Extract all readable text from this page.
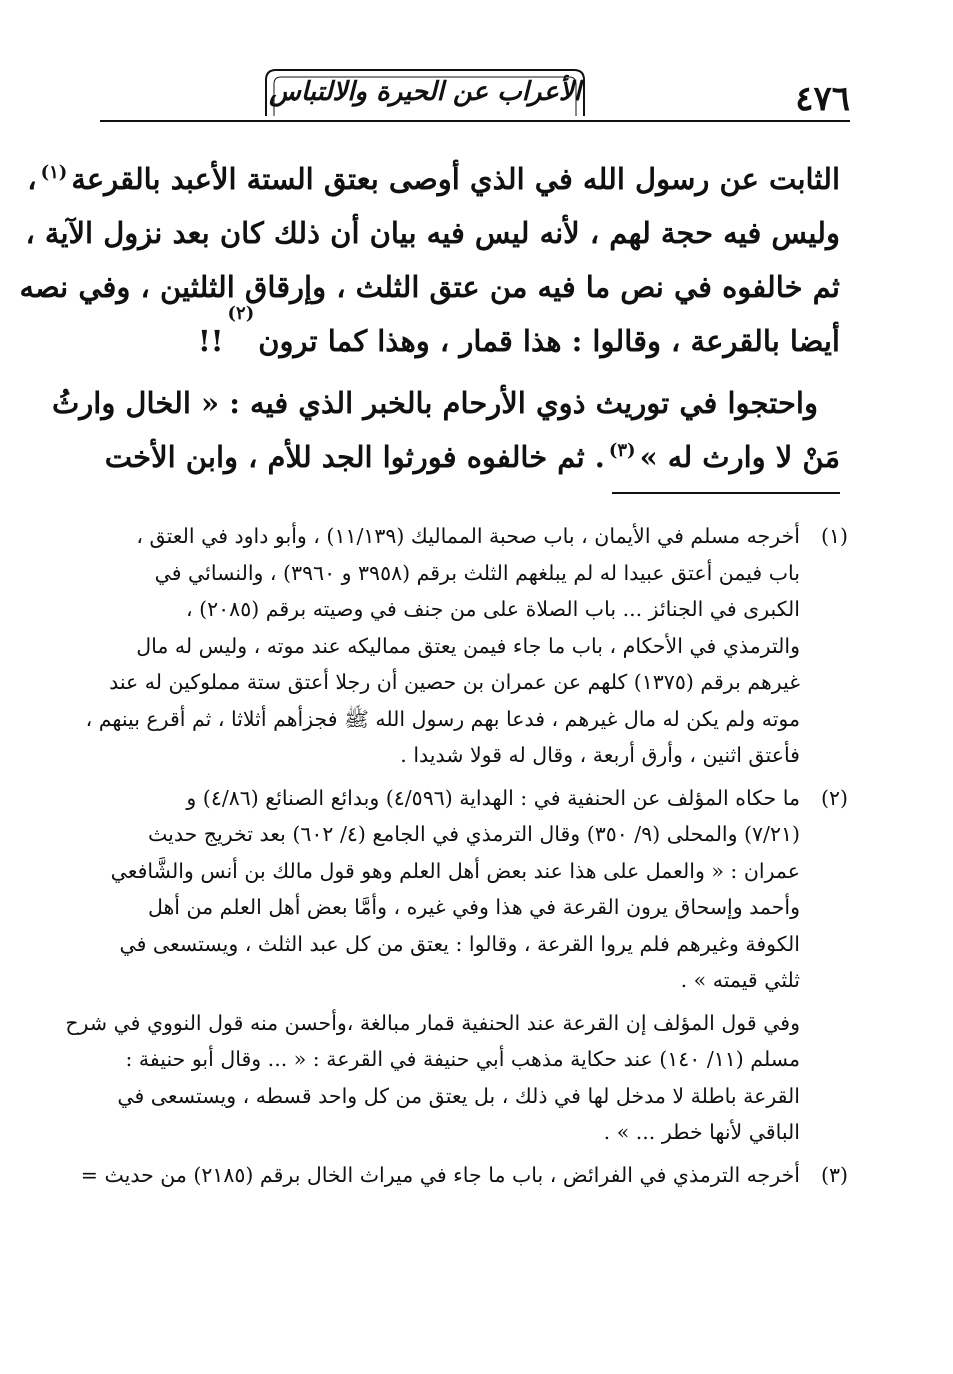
٤٧٦
الأعراب عن الحيرة والالتباس

الثابت عن رسول الله في الذي أوصى بعتق الستة الأعبد بالقرعة$^{(١)}$
،

وليس فيه حجة لهم ، لأنه ليس فيه بيان أن ذلك كان بعد نزول الآية ،

ثم خالفوه في نص ما فيه من عتق الثلث ، وإرقاق الثلثين ، وفي نصه

أيضا بالقرعة ، وقالوا : هذا قمار ، وهذا كما ترون
(٢)
!!

واحتجوا في توريث ذوي الأرحام بالخبر الذي فيه : « الخال وارثُ

مَنْ لا وارث له »$^{(٣)}$
. ثم خالفوه فورثوا الجد للأم ، وابن الأخت

(١)
أخرجه مسلم في الأيمان ، باب صحبة المماليك (١١/١٣٩) ، وأبو داود في العتق ،
باب فيمن أعتق عبيدا له لم يبلغهم الثلث برقم (٣٩٥٨ و ٣٩٦٠) ، والنسائي في
الكبرى في الجنائز ... باب الصلاة على من جنف في وصيته برقم (٢٠٨٥) ،
والترمذي في الأحكام ، باب ما جاء فيمن يعتق مماليكه عند موته ، وليس له مال
غيرهم برقم (١٣٧٥) كلهم عن عمران بن حصين أن رجلا أعتق ستة مملوكين له عند
موته ولم يكن له مال غيرهم ، فدعا بهم رسول الله ﷺ فجزأهم أثلاثا ، ثم أقرع بينهم ،
فأعتق اثنين ، وأرق أربعة ، وقال له قولا شديدا .
(٢)
ما حكاه المؤلف عن الحنفية في : الهداية (٤/٥٩٦) وبدائع الصنائع (٤/٨٦) و
(٧/٢١) والمحلى (٩/ ٣٥٠) وقال الترمذي في الجامع (٤/ ٦٠٢) بعد تخريج حديث
عمران : « والعمل على هذا عند بعض أهل العلم وهو قول مالك بن أنس والشَّافعي
وأحمد وإسحاق يرون القرعة في هذا وفي غيره ، وأمَّا بعض أهل العلم من أهل
الكوفة وغيرهم فلم يروا القرعة ، وقالوا : يعتق من كل عبد الثلث ، ويستسعى في
ثلثي قيمته » .
وفي قول المؤلف إن القرعة عند الحنفية قمار مبالغة ،وأحسن منه قول النووي في شرح
مسلم (١١/ ١٤٠) عند حكاية مذهب أبي حنيفة في القرعة : « ... وقال أبو حنيفة :
القرعة باطلة لا مدخل لها في ذلك ، بل يعتق من كل واحد قسطه ، ويستسعى في
الباقي لأنها خطر ... » .
(٣)
أخرجه الترمذي في الفرائض ، باب ما جاء في ميراث الخال برقم (٢١٨٥) من حديث =
